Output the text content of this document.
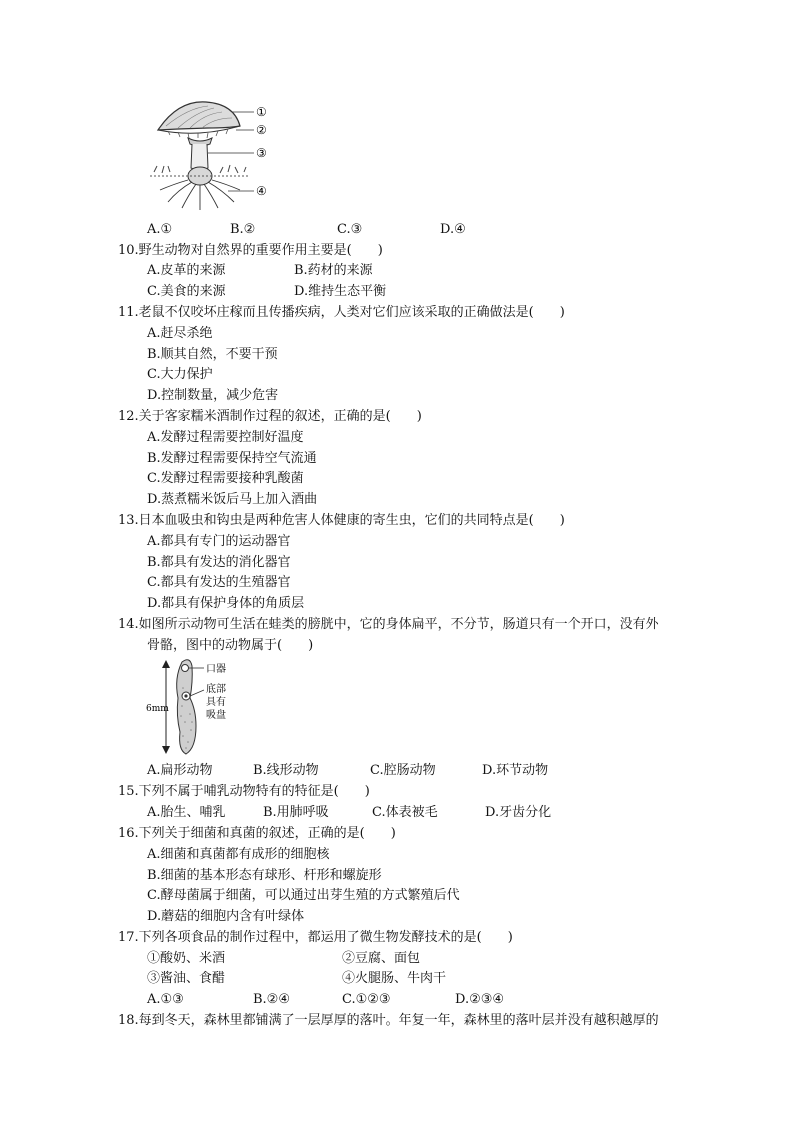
①
②
③
④
A.①	B.②	C.③	D.④
10.野生动物对自然界的重要作用主要是(　　)
A.皮革的来源	B.药材的来源
C.美食的来源	D.维持生态平衡
11.老鼠不仅咬坏庄稼而且传播疾病，人类对它们应该采取的正确做法是(　　)
A.赶尽杀绝
B.顺其自然，不要干预
C.大力保护
D.控制数量，减少危害
12.关于客家糯米酒制作过程的叙述，正确的是(　　)
A.发酵过程需要控制好温度
B.发酵过程需要保持空气流通
C.发酵过程需要接种乳酸菌
D.蒸煮糯米饭后马上加入酒曲
13.日本血吸虫和钩虫是两种危害人体健康的寄生虫，它们的共同特点是(　　)
A.都具有专门的运动器官
B.都具有发达的消化器官
C.都具有发达的生殖器官
D.都具有保护身体的角质层
14.如图所示动物可生活在蛙类的膀胱中，它的身体扁平，不分节，肠道只有一个开口，没有外
骨骼，图中的动物属于(　　)
6mm
口器
底部
具有
吸盘
A.扁形动物	B.线形动物	C.腔肠动物	D.环节动物
15.下列不属于哺乳动物特有的特征是(　　)
A.胎生、哺乳	B.用肺呼吸	C.体表被毛	D.牙齿分化
16.下列关于细菌和真菌的叙述，正确的是(　　)
A.细菌和真菌都有成形的细胞核
B.细菌的基本形态有球形、杆形和螺旋形
C.酵母菌属于细菌，可以通过出芽生殖的方式繁殖后代
D.蘑菇的细胞内含有叶绿体
17.下列各项食品的制作过程中，都运用了微生物发酵技术的是(　　)
①酸奶、米酒	②豆腐、面包
③酱油、食醋	④火腿肠、牛肉干
A.①③	B.②④	C.①②③	D.②③④
18.每到冬天，森林里都铺满了一层厚厚的落叶。年复一年，森林里的落叶层并没有越积越厚的
